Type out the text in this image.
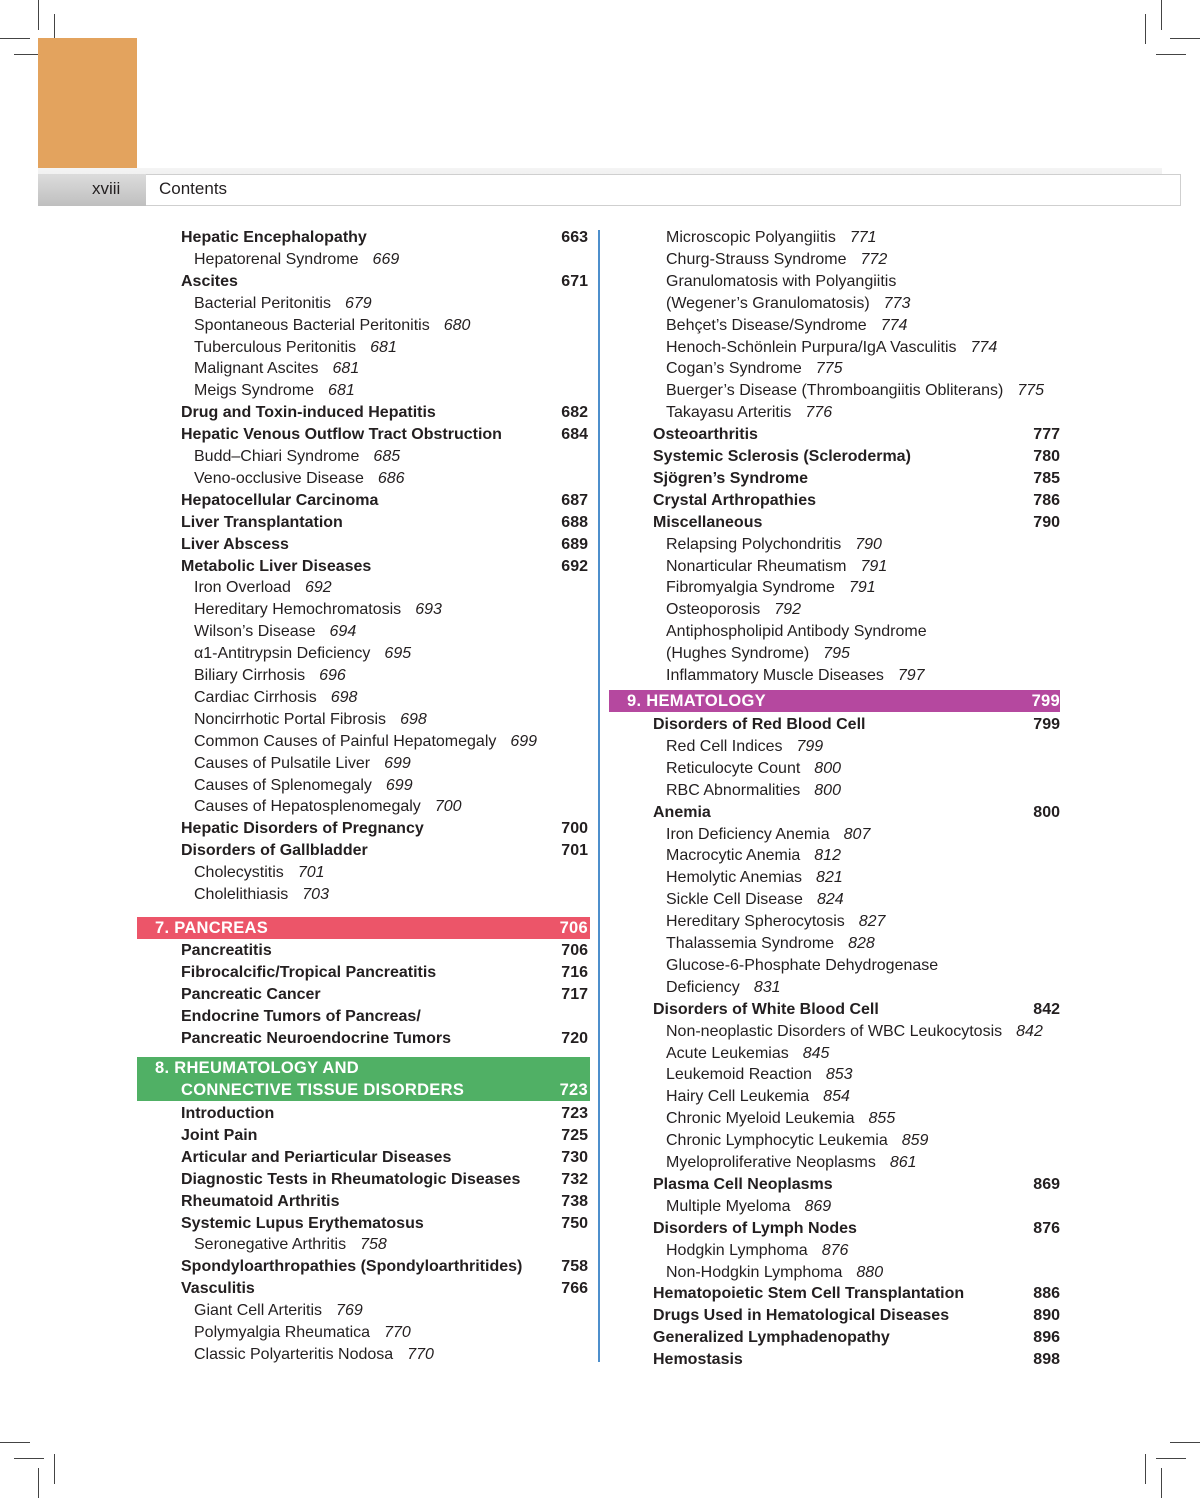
xviii Contents
Hepatic Encephalopathy	663
Hepatorenal Syndrome 669
Ascites	671
Bacterial Peritonitis 679
Spontaneous Bacterial Peritonitis 680
Tuberculous Peritonitis 681
Malignant Ascites 681
Meigs Syndrome 681
Drug and Toxin-induced Hepatitis	682
Hepatic Venous Outflow Tract Obstruction	684
Budd–Chiari Syndrome 685
Veno-occlusive Disease 686
Hepatocellular Carcinoma	687
Liver Transplantation	688
Liver Abscess	689
Metabolic Liver Diseases	692
Iron Overload 692
Hereditary Hemochromatosis 693
Wilson’s Disease 694
α1-Antitrypsin Deficiency 695
Biliary Cirrhosis 696
Cardiac Cirrhosis 698
Noncirrhotic Portal Fibrosis 698
Common Causes of Painful Hepatomegaly 699
Causes of Pulsatile Liver 699
Causes of Splenomegaly 699
Causes of Hepatosplenomegaly 700
Hepatic Disorders of Pregnancy	700
Disorders of Gallbladder	701
Cholecystitis 701
Cholelithiasis 703
7. PANCREAS	706
Pancreatitis	706
Fibrocalcific/Tropical Pancreatitis	716
Pancreatic Cancer	717
Endocrine Tumors of Pancreas/
Pancreatic Neuroendocrine Tumors	720
8. RHEUMATOLOGY AND
CONNECTIVE TISSUE DISORDERS	723
Introduction	723
Joint Pain	725
Articular and Periarticular Diseases	730
Diagnostic Tests in Rheumatologic Diseases	732
Rheumatoid Arthritis	738
Systemic Lupus Erythematosus	750
Seronegative Arthritis 758
Spondyloarthropathies (Spondyloarthritides)	758
Vasculitis	766
Giant Cell Arteritis 769
Polymyalgia Rheumatica 770
Classic Polyarteritis Nodosa 770
Microscopic Polyangiitis 771
Churg-Strauss Syndrome 772
Granulomatosis with Polyangiitis
(Wegener’s Granulomatosis) 773
Behçet’s Disease/Syndrome 774
Henoch-Schönlein Purpura/IgA Vasculitis 774
Cogan’s Syndrome 775
Buerger’s Disease (Thromboangiitis Obliterans) 775
Takayasu Arteritis 776
Osteoarthritis	777
Systemic Sclerosis (Scleroderma)	780
Sjögren’s Syndrome	785
Crystal Arthropathies	786
Miscellaneous	790
Relapsing Polychondritis 790
Nonarticular Rheumatism 791
Fibromyalgia Syndrome 791
Osteoporosis 792
Antiphospholipid Antibody Syndrome
(Hughes Syndrome) 795
Inflammatory Muscle Diseases 797
9. HEMATOLOGY	799
Disorders of Red Blood Cell	799
Red Cell Indices 799
Reticulocyte Count 800
RBC Abnormalities 800
Anemia	800
Iron Deficiency Anemia 807
Macrocytic Anemia 812
Hemolytic Anemias 821
Sickle Cell Disease 824
Hereditary Spherocytosis 827
Thalassemia Syndrome 828
Glucose-6-Phosphate Dehydrogenase
Deficiency 831
Disorders of White Blood Cell	842
Non-neoplastic Disorders of WBC Leukocytosis 842
Acute Leukemias 845
Leukemoid Reaction 853
Hairy Cell Leukemia 854
Chronic Myeloid Leukemia 855
Chronic Lymphocytic Leukemia 859
Myeloproliferative Neoplasms 861
Plasma Cell Neoplasms	869
Multiple Myeloma 869
Disorders of Lymph Nodes	876
Hodgkin Lymphoma 876
Non-Hodgkin Lymphoma 880
Hematopoietic Stem Cell Transplantation	886
Drugs Used in Hematological Diseases	890
Generalized Lymphadenopathy	896
Hemostasis	898
